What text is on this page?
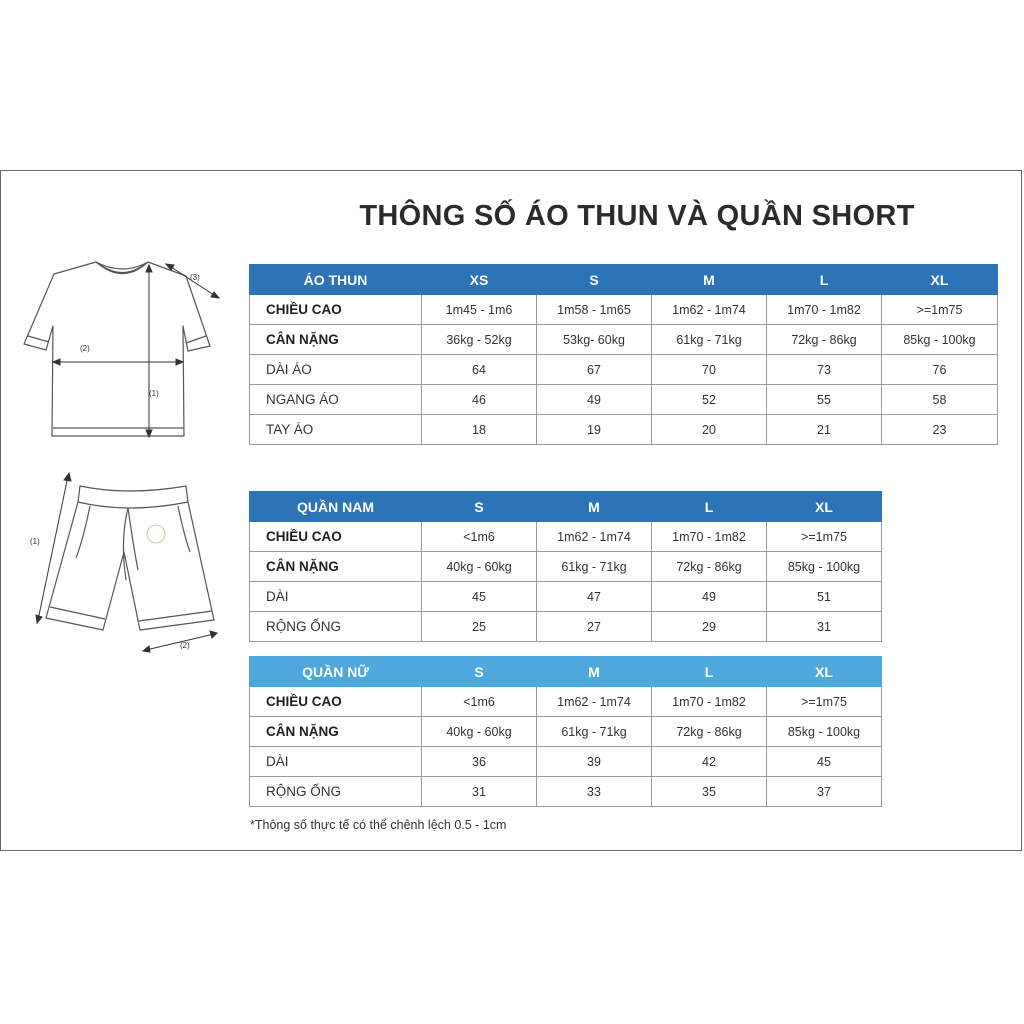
THÔNG SỐ ÁO THUN VÀ QUẦN SHORT
(1)
(2)
(3)
(1)
(2)
ÁO THUN	XS	S	M	L	XL
CHIỀU CAO	1m45 - 1m6	1m58 - 1m65	1m62 - 1m74	1m70 - 1m82	>=1m75
CÂN NẶNG	36kg - 52kg	53kg- 60kg	61kg - 71kg	72kg - 86kg	85kg - 100kg
DÀI ÁO	64	67	70	73	76
NGANG ÁO	46	49	52	55	58
TAY ÁO	18	19	20	21	23
QUẦN NAM	S	M	L	XL
CHIỀU CAO	<1m6	1m62 - 1m74	1m70 - 1m82	>=1m75
CÂN NẶNG	40kg - 60kg	61kg - 71kg	72kg - 86kg	85kg - 100kg
DÀI	45	47	49	51
RỘNG ỐNG	25	27	29	31
QUẦN NỮ	S	M	L	XL
CHIỀU CAO	<1m6	1m62 - 1m74	1m70 - 1m82	>=1m75
CÂN NẶNG	40kg - 60kg	61kg - 71kg	72kg - 86kg	85kg - 100kg
DÀI	36	39	42	45
RỘNG ỐNG	31	33	35	37

*Thông số thực tế có thể chênh lệch 0.5 - 1cm
